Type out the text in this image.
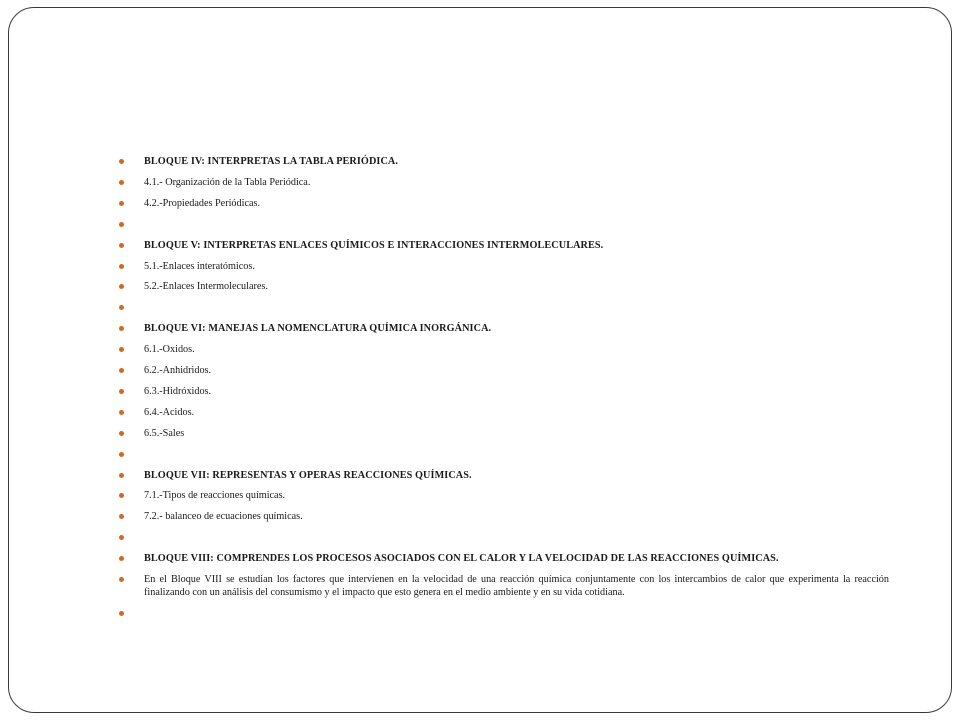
BLOQUE IV: INTERPRETAS LA TABLA PERIÓDICA.
4.1.- Organización de la Tabla Periódica.
4.2.-Propiedades Periódicas.
BLOQUE V: INTERPRETAS ENLACES QUÍMICOS E INTERACCIONES INTERMOLECULARES.
5.1.-Enlaces interatómicos.
5.2.-Enlaces Intermoleculares.
BLOQUE VI: MANEJAS LA NOMENCLATURA QUÍMICA INORGÁNICA.
6.1.-Oxidos.
6.2.-Anhidridos.
6.3.-Hidróxidos.
6.4.-Acidos.
6.5.-Sales
BLOQUE VII: REPRESENTAS Y OPERAS REACCIONES QUÍMICAS.
7.1.-Tipos de reacciones químicas.
7.2.- balanceo de ecuaciones químicas.
BLOQUE VIII: COMPRENDES LOS PROCESOS ASOCIADOS CON EL CALOR Y LA VELOCIDAD DE LAS REACCIONES QUÍMICAS.
En el Bloque VIII se estudian los factores que intervienen en la velocidad de una reacción química conjuntamente con los intercambios de calor que experimenta la reacción finalizando con un análisis del consumismo y el impacto que esto genera en el medio ambiente y en su vida cotidiana.
